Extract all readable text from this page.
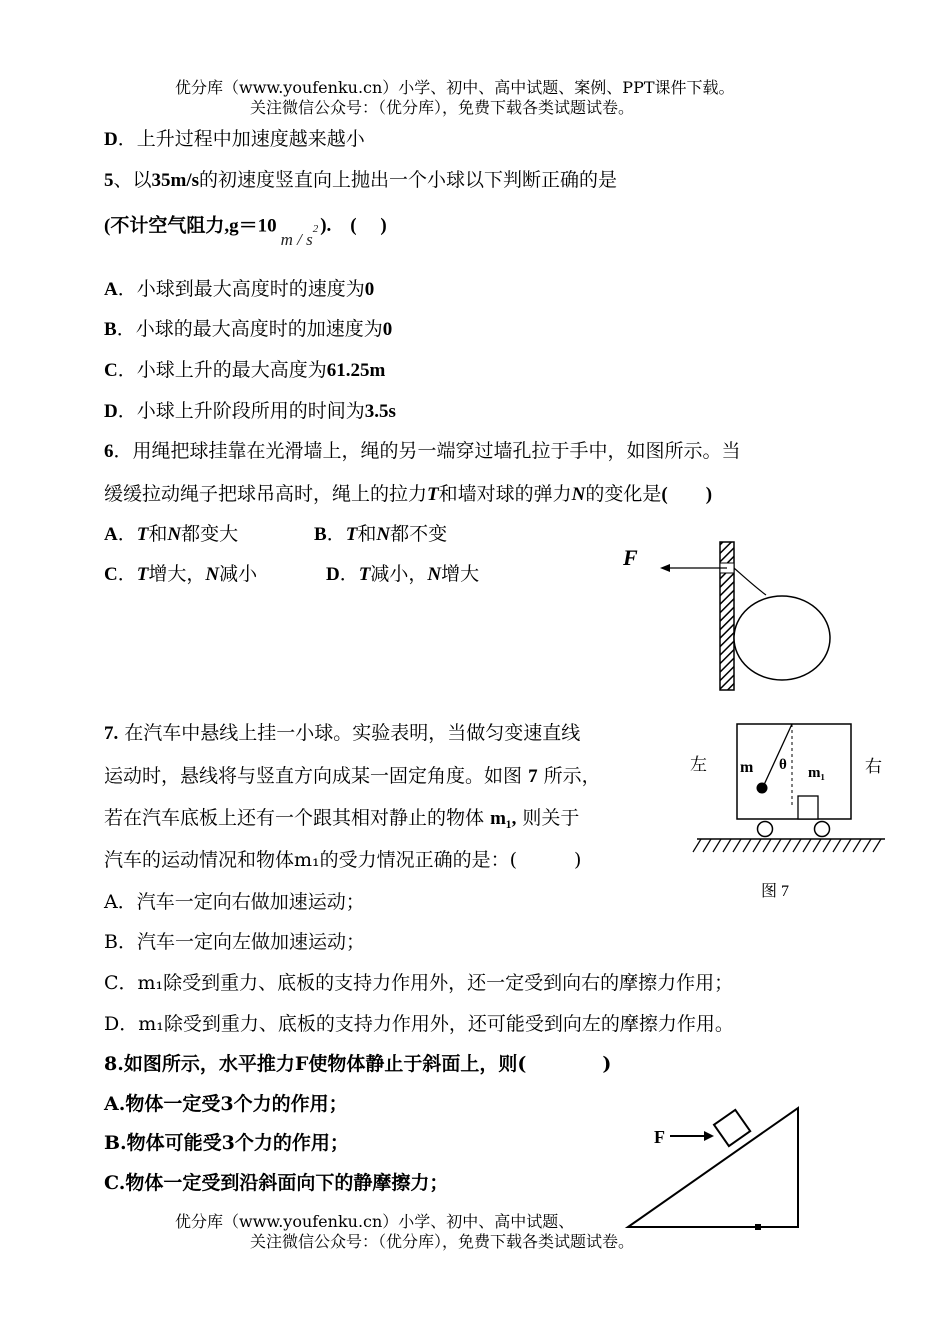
优分库（www.youfenku.cn）小学、初中、高中试题、案例、PPT课件下载。
关注微信公众号：（优分库），免费下载各类试题试卷。
D．上升过程中加速度越来越小
5、以35m/s的初速度竖直向上抛出一个小球以下判断正确的是
(不计空气阻力$,g=10m / s^2$ ).　(　 )
A．小球到最大高度时的速度为0
B．小球的最大高度时的加速度为0
C．小球上升的最大高度为61.25m
D．小球上升阶段所用的时间为3.5s
6．用绳把球挂靠在光滑墙上，绳的另一端穿过墙孔拉于手中，如图所示。当
缓缓拉动绳子把球吊高时，绳上的拉力T和墙对球的弹力N的变化是(　　)
A．T和N都变大	B．T和N都不变
C．T增大，N减小	D．T减小，N增大
F
7. 在汽车中悬线上挂一小球。实验表明，当做匀变速直线
运动时，悬线将与竖直方向成某一固定角度。如图 7 所示，
若在汽车底板上还有一个跟其相对静止的物体 m₁, 则关于
汽车的运动情况和物体m₁的受力情况正确的是：(　　　)
A．汽车一定向右做加速运动；
B．汽车一定向左做加速运动；
C．m₁除受到重力、底板的支持力作用外，还一定受到向右的摩擦力作用；
D．m₁除受到重力、底板的支持力作用外，还可能受到向左的摩擦力作用。
左	右
m θ m₁
图 7
8.如图所示，水平推力F使物体静止于斜面上，则(　　　　)
A.物体一定受3个力的作用；
B.物体可能受3个力的作用；
C.物体一定受到沿斜面向下的静摩擦力；
F
优分库（www.youfenku.cn）小学、初中、高中试题、
关注微信公众号：（优分库），免费下载各类试题试卷。
